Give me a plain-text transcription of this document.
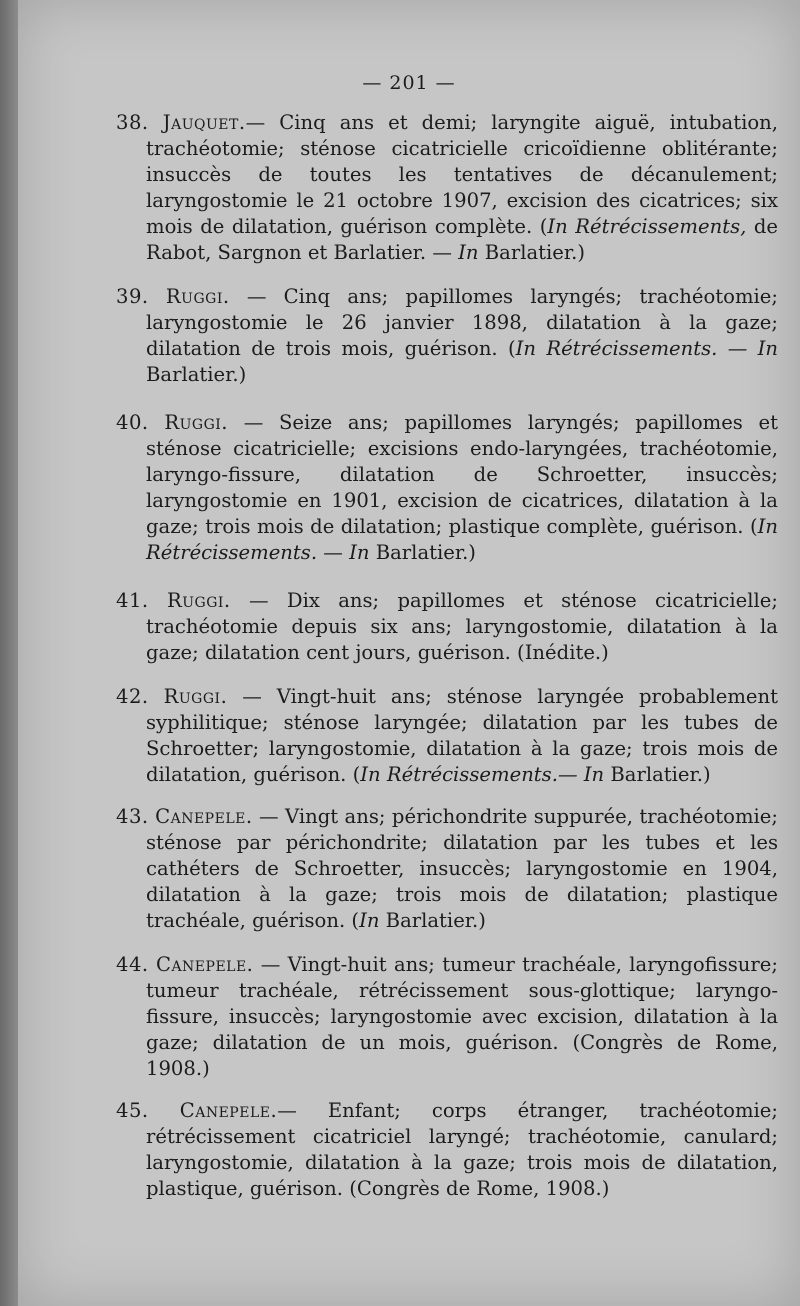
— 201 —

38. Jauquet.— Cinq ans et demi; laryngite aiguë, intubation, trachéotomie; sténose cicatricielle cricoïdienne oblitérante; insuccès de toutes les tentatives de décanulement; laryngostomie le 21 octobre 1907, excision des cicatrices; six mois de dilatation, guérison complète. (In Rétrécissements, de Rabot, Sargnon et Barlatier. — In Barlatier.)

39. Ruggi. — Cinq ans; papillomes laryngés; trachéotomie; laryngostomie le 26 janvier 1898, dilatation à la gaze; dilatation de trois mois, guérison. (In Rétrécissements. — In Barlatier.)

40. Ruggi. — Seize ans; papillomes laryngés; papillomes et sténose cicatricielle; excisions endo-laryngées, trachéotomie, laryngo-fissure, dilatation de Schroetter, insuccès; laryngostomie en 1901, excision de cicatrices, dilatation à la gaze; trois mois de dilatation; plastique complète, guérison. (In Rétrécissements. — In Barlatier.)

41. Ruggi. — Dix ans; papillomes et sténose cicatricielle; trachéotomie depuis six ans; laryngostomie, dilatation à la gaze; dilatation cent jours, guérison. (Inédite.)

42. Ruggi. — Vingt-huit ans; sténose laryngée probablement syphilitique; sténose laryngée; dilatation par les tubes de Schroetter; laryngostomie, dilatation à la gaze; trois mois de dilatation, guérison. (In Rétrécissements.— In Barlatier.)

43. Canepele. — Vingt ans; périchondrite suppurée, trachéotomie; sténose par périchondrite; dilatation par les tubes et les cathéters de Schroetter, insuccès; laryngostomie en 1904, dilatation à la gaze; trois mois de dilatation; plastique trachéale, guérison. (In Barlatier.)

44. Canepele. — Vingt-huit ans; tumeur trachéale, laryngofissure; tumeur trachéale, rétrécissement sous-glottique; laryngo-fissure, insuccès; laryngostomie avec excision, dilatation à la gaze; dilatation de un mois, guérison. (Congrès de Rome, 1908.)

45. Canepele.— Enfant; corps étranger, trachéotomie; rétrécissement cicatriciel laryngé; trachéotomie, canulard; laryngostomie, dilatation à la gaze; trois mois de dilatation, plastique, guérison. (Congrès de Rome, 1908.)
